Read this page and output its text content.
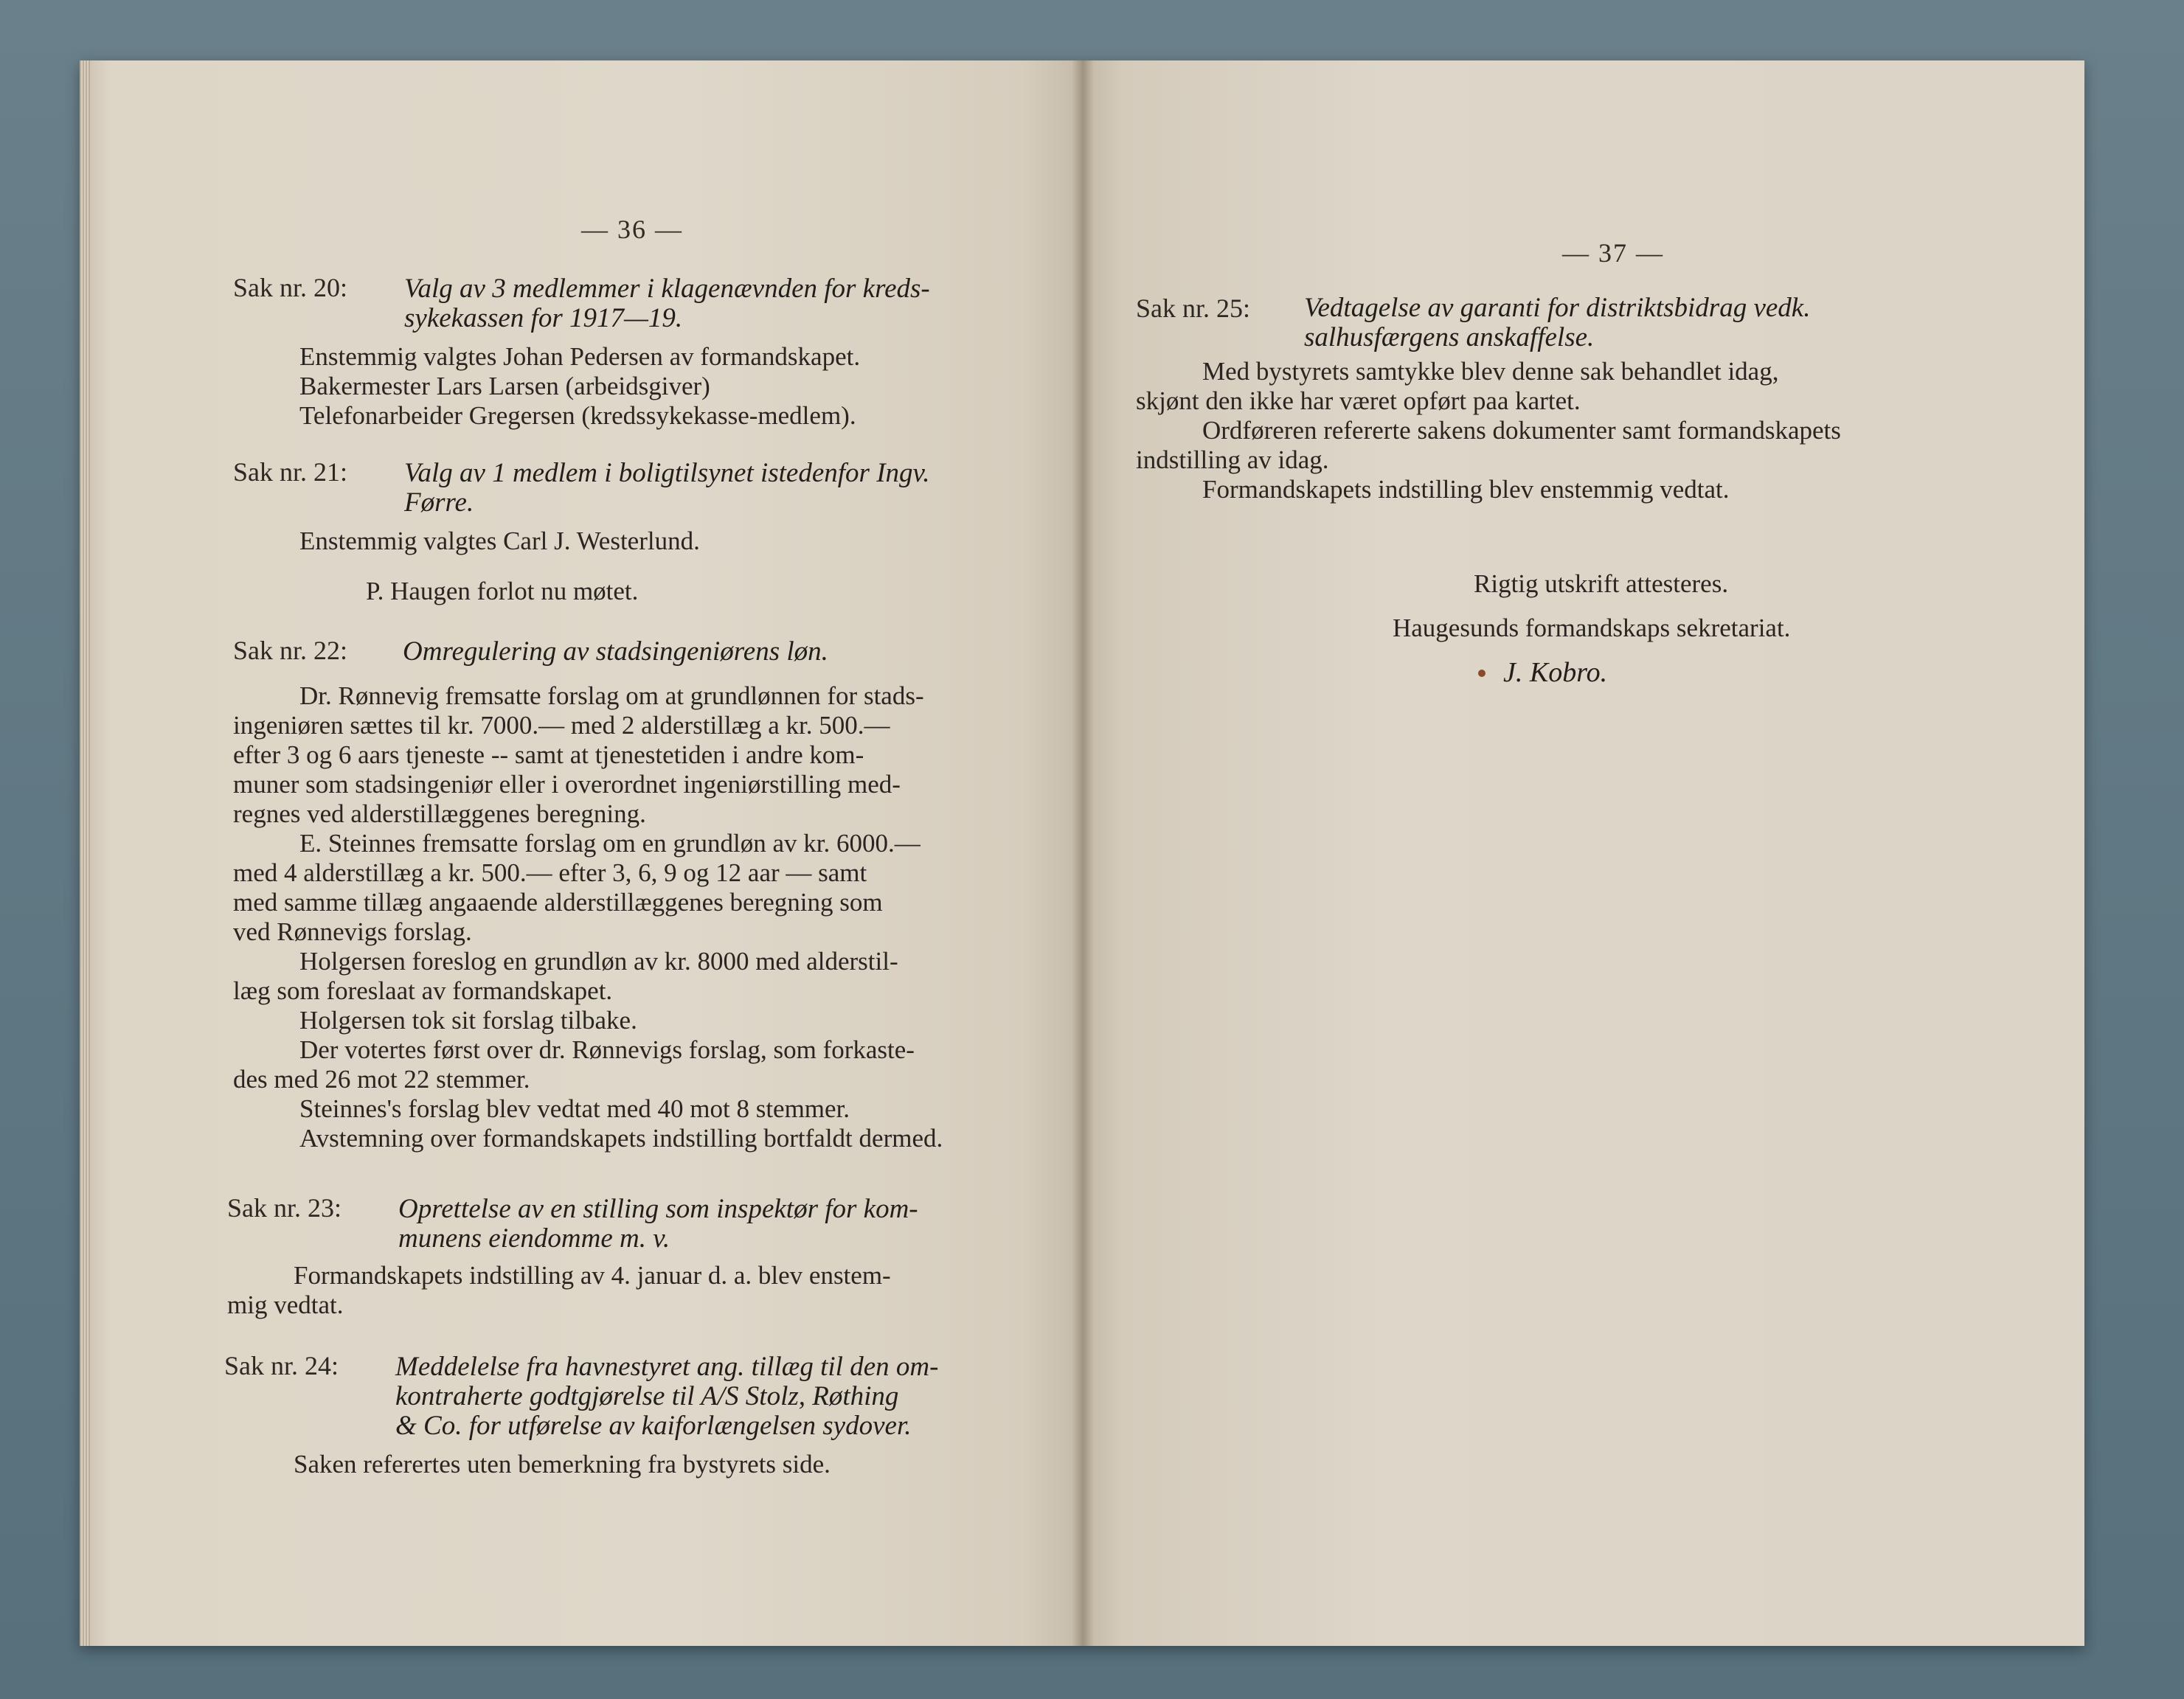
— 36 —
Sak nr. 20: Valg av 3 medlemmer i klagenævnden for kreds-
sykekassen for 1917—19.
Enstemmig valgtes Johan Pedersen av formandskapet.
Bakermester Lars Larsen (arbeidsgiver)
Telefonarbeider Gregersen (kredssykekasse-medlem).
Sak nr. 21: Valg av 1 medlem i boligtilsynet istedenfor Ingv.
Førre.
Enstemmig valgtes Carl J. Westerlund.
P. Haugen forlot nu møtet.
Sak nr. 22: Omregulering av stadsingeniørens løn.
Dr. Rønnevig fremsatte forslag om at grundlønnen for stads-
ingeniøren sættes til kr. 7000.— med 2 alderstillæg a kr. 500.—
efter 3 og 6 aars tjeneste -- samt at tjenestetiden i andre kom-
muner som stadsingeniør eller i overordnet ingeniørstilling med-
regnes ved alderstillæggenes beregning.
E. Steinnes fremsatte forslag om en grundløn av kr. 6000.—
med 4 alderstillæg a kr. 500.— efter 3, 6, 9 og 12 aar — samt
med samme tillæg angaaende alderstillæggenes beregning som
ved Rønnevigs forslag.
Holgersen foreslog en grundløn av kr. 8000 med alderstil-
læg som foreslaat av formandskapet.
Holgersen tok sit forslag tilbake.
Der votertes først over dr. Rønnevigs forslag, som forkaste-
des med 26 mot 22 stemmer.
Steinnes's forslag blev vedtat med 40 mot 8 stemmer.
Avstemning over formandskapets indstilling bortfaldt dermed.
Sak nr. 23: Oprettelse av en stilling som inspektør for kom-
munens eiendomme m. v.
Formandskapets indstilling av 4. januar d. a. blev enstem-
mig vedtat.
Sak nr. 24: Meddelelse fra havnestyret ang. tillæg til den om-
kontraherte godtgjørelse til A/S Stolz, Røthing
& Co. for utførelse av kaiforlængelsen sydover.
Saken referertes uten bemerkning fra bystyrets side.
— 37 —
Sak nr. 25: Vedtagelse av garanti for distriktsbidrag vedk.
salhusfærgens anskaffelse.
Med bystyrets samtykke blev denne sak behandlet idag,
skjønt den ikke har været opført paa kartet.
Ordføreren refererte sakens dokumenter samt formandskapets
indstilling av idag.
Formandskapets indstilling blev enstemmig vedtat.
Rigtig utskrift attesteres.
Haugesunds formandskaps sekretariat.
J. Kobro.
